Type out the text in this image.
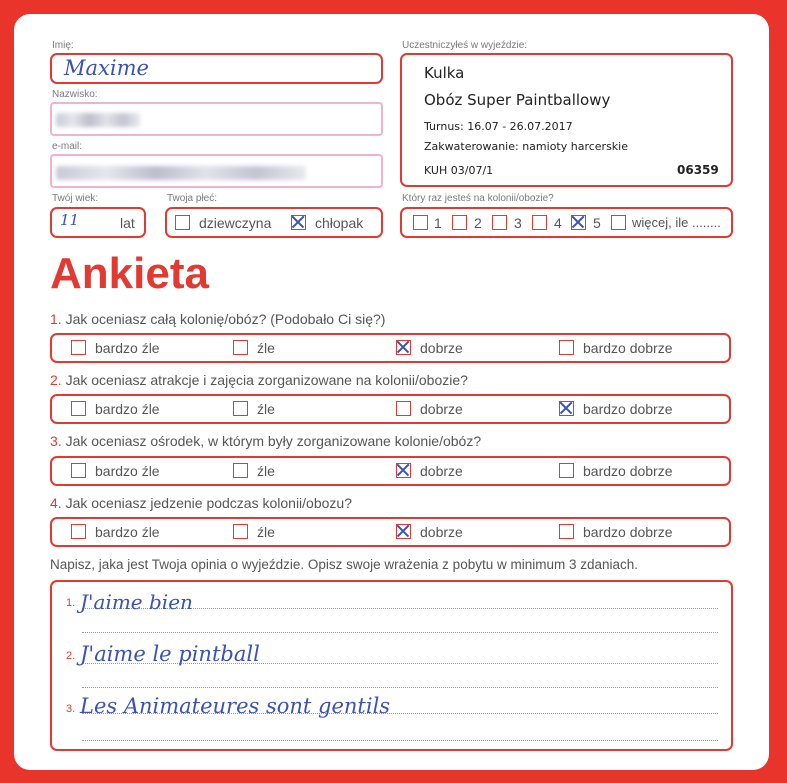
Imię:
Maxime
Nazwisko:
e-mail:
Twój wiek:
11	lat
Twoja płeć:
dziewczyna	chłopak
Uczestniczyłeś w wyjeździe:
Kulka
Obóz Super Paintballowy
Turnus: 16.07 - 26.07.2017
Zakwaterowanie: namioty harcerskie
KUH 03/07/1	06359
Który raz jesteś na kolonii/obozie?
1 2 3 4 5 więcej, ile ........
Ankieta
1. Jak oceniasz całą kolonię/obóz? (Podobało Ci się?)
bardzo źle	źle	dobrze	bardzo dobrze
2. Jak oceniasz atrakcje i zajęcia zorganizowane na kolonii/obozie?
bardzo źle	źle	dobrze	bardzo dobrze
3. Jak oceniasz ośrodek, w którym były zorganizowane kolonie/obóz?
bardzo źle	źle	dobrze	bardzo dobrze
4. Jak oceniasz jedzenie podczas kolonii/obozu?
bardzo źle	źle	dobrze	bardzo dobrze
Napisz, jaka jest Twoja opinia o wyjeździe. Opisz swoje wrażenia z pobytu w minimum 3 zdaniach.
1. J'aime bien
2. J'aime le pintball
3. Les Animateures sont gentils
